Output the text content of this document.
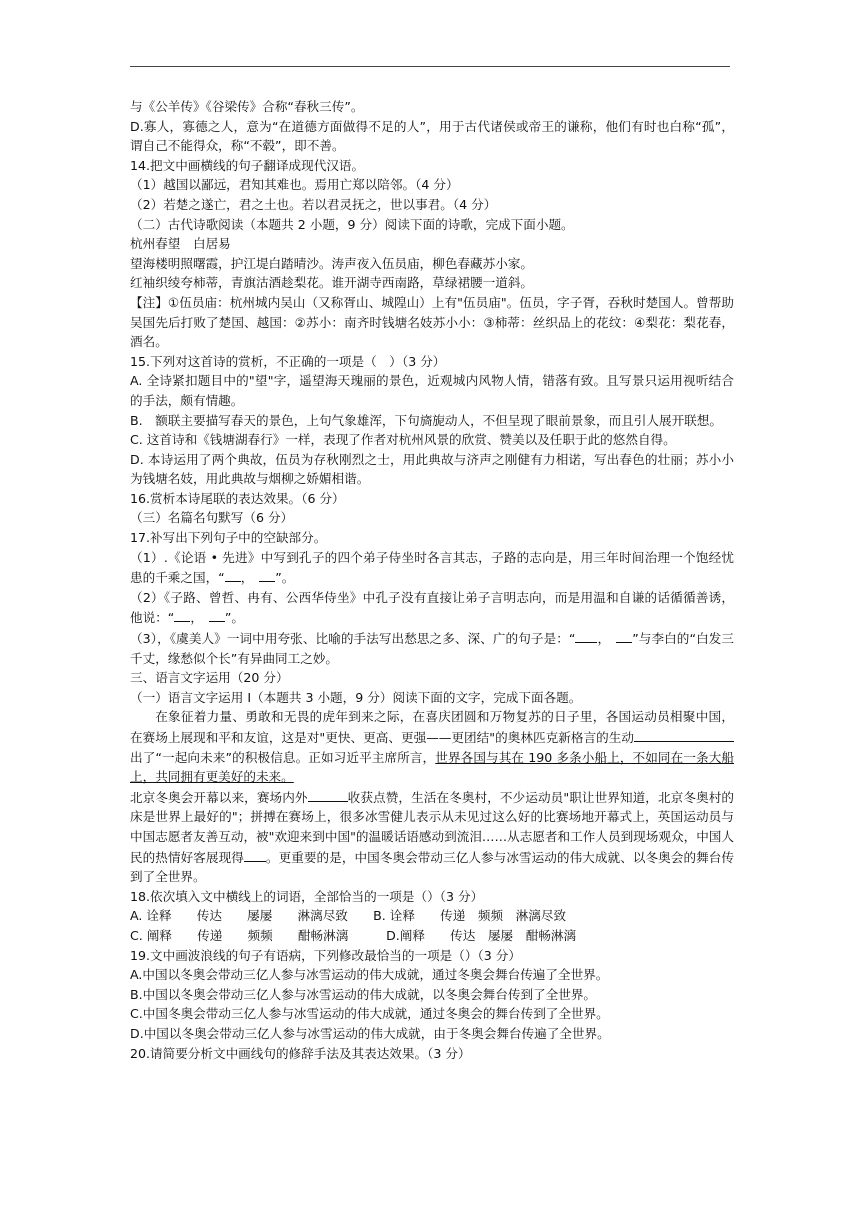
与《公羊传》《谷梁传》合称“春秋三传”。

D.寡人，寡德之人，意为“在道德方面做得不足的人”，用于古代诸侯或帝王的谦称，他们有时也白称“孤”，谓自己不能得众，称“不毂”，即不善。

14.把文中画横线的句子翻译成现代汉语。

（1）越国以鄙远，君知其难也。焉用亡郑以陪邻。（4 分）

（2）若楚之遂亡，君之土也。若以君灵抚之，世以事君。（4 分）

（二）古代诗歌阅读（本题共 2 小题，9 分）阅读下面的诗歌，完成下面小题。

杭州春望　白居易

望海楼明照曙霞，护江堤白踏晴沙。涛声夜入伍员庙，柳色春藏苏小家。

红袖织绫夸柿蒂，青旗沽酒趁梨花。谁开湖寺西南路，草绿裙腰一道斜。

【注】①伍员庙：杭州城内吴山（又称胥山、城隍山）上有"伍员庙"。伍员，字子胥，吞秋时楚国人。曾帮助吴国先后打败了楚国、越国：②苏小：南齐时钱塘名妓苏小小：③柿蒂：丝织品上的花纹：④梨花：梨花春，酒名。

15.下列对这首诗的赏析，不正确的一项是（　）（3 分）

A. 全诗紧扣题目中的"望"字，遥望海天瑰丽的景色，近观城内风物人情，错落有致。且写景只运用视听结合的手法，颇有情趣。

B.　额联主要描写春天的景色，上句气象雄浑，下句旖旎动人，不但呈现了眼前景象，而且引人展开联想。

C. 这首诗和《钱塘湖春行》一样，表现了作者对杭州风景的欣赏、赞美以及任职于此的悠然自得。

D. 本诗运用了两个典故，伍员为存秋刚烈之士，用此典故与济声之刚健有力相诺，写出春色的壮丽；苏小小为钱塘名妓，用此典故与烟柳之娇媚相谐。

16.赏析本诗尾联的表达效果。（6 分）

（三）名篇名句默写（6 分）

17.补写出下列句子中的空缺部分。

（1）.《论语 • 先进》中写到孔子的四个弟子侍坐时各言其志，子路的志向是，用三年时间治理一个饱经忧患的千乘之国，“ ， ”。

（2）《子路、曾哲、冉有、公西华侍坐》中孔子没有直接让弟子言明志向，而是用温和自谦的话循循善诱，他说：“ ， ”。

（3），《虞美人》一词中用夸张、比喻的手法写出愁思之多、深、广的句子是：“ ， ”与李白的“白发三千丈，缘愁似个长”有异曲同工之妙。

三、语言文字运用（20 分）

（一）语言文字运用 I（本题共 3 小题，9 分）阅读下面的文字，完成下面各题。

在象征着力量、勇敢和无畏的虎年到来之际，在喜庆团圆和万物复苏的日子里，各国运动员相聚中国，在赛场上展现和平和友谊，这是对"更快、更高、更强——更团结"的奥林匹克新格言的生动出了“一起向未来”的积极信息。正如习近平主席所言，世界各国与其在 190 多条小船上，不如同在一条大船上，共同拥有更美好的未来。

北京冬奥会开幕以来，赛场内外	收获点赞，生活在冬奥村，不少运动员"职让世界知道，北京冬奥村的床是世界上最好的"；拼搏在赛场上，很多冰雪健儿表示从未见过这么好的比赛场地开幕式上，英国运动员与中国志愿者友善互动，被"欢迎来到中国"的温暖话语感动到流泪……从志愿者和工作人员到现场观众，中国人民的热情好客展现得 。更重要的是，中国冬奥会带动三亿人参与冰雪运动的伟大成就、以冬奥会的舞台传到了全世界。

18.依次填入文中横线上的词语，全部恰当的一项是（）（3 分）

A. 诠释　　传达　　屡屡　　淋漓尽致　　B. 诠释　　传递　频频　淋漓尽致

C. 阐释　　传递　　频频　　酣畅淋漓　　　D.阐释　　传达　屡屡　酣畅淋漓

19.文中画波浪线的句子有语病，下列修改最恰当的一项是（）（3 分）

A.中国以冬奥会带动三亿人参与冰雪运动的伟大成就，通过冬奥会舞台传遍了全世界。

B.中国以冬奥会带动三亿人参与冰雪运动的伟大成就，以冬奥会舞台传到了全世界。

C.中国冬奥会带动三亿人参与冰雪运动的伟大成就，通过冬奥会的舞台传到了全世界。

D.中国以冬奥会带动三亿人参与冰雪运动的伟大成就，由于冬奥会舞台传遍了全世界。

20.请简要分析文中画线句的修辞手法及其表达效果。（3 分）
